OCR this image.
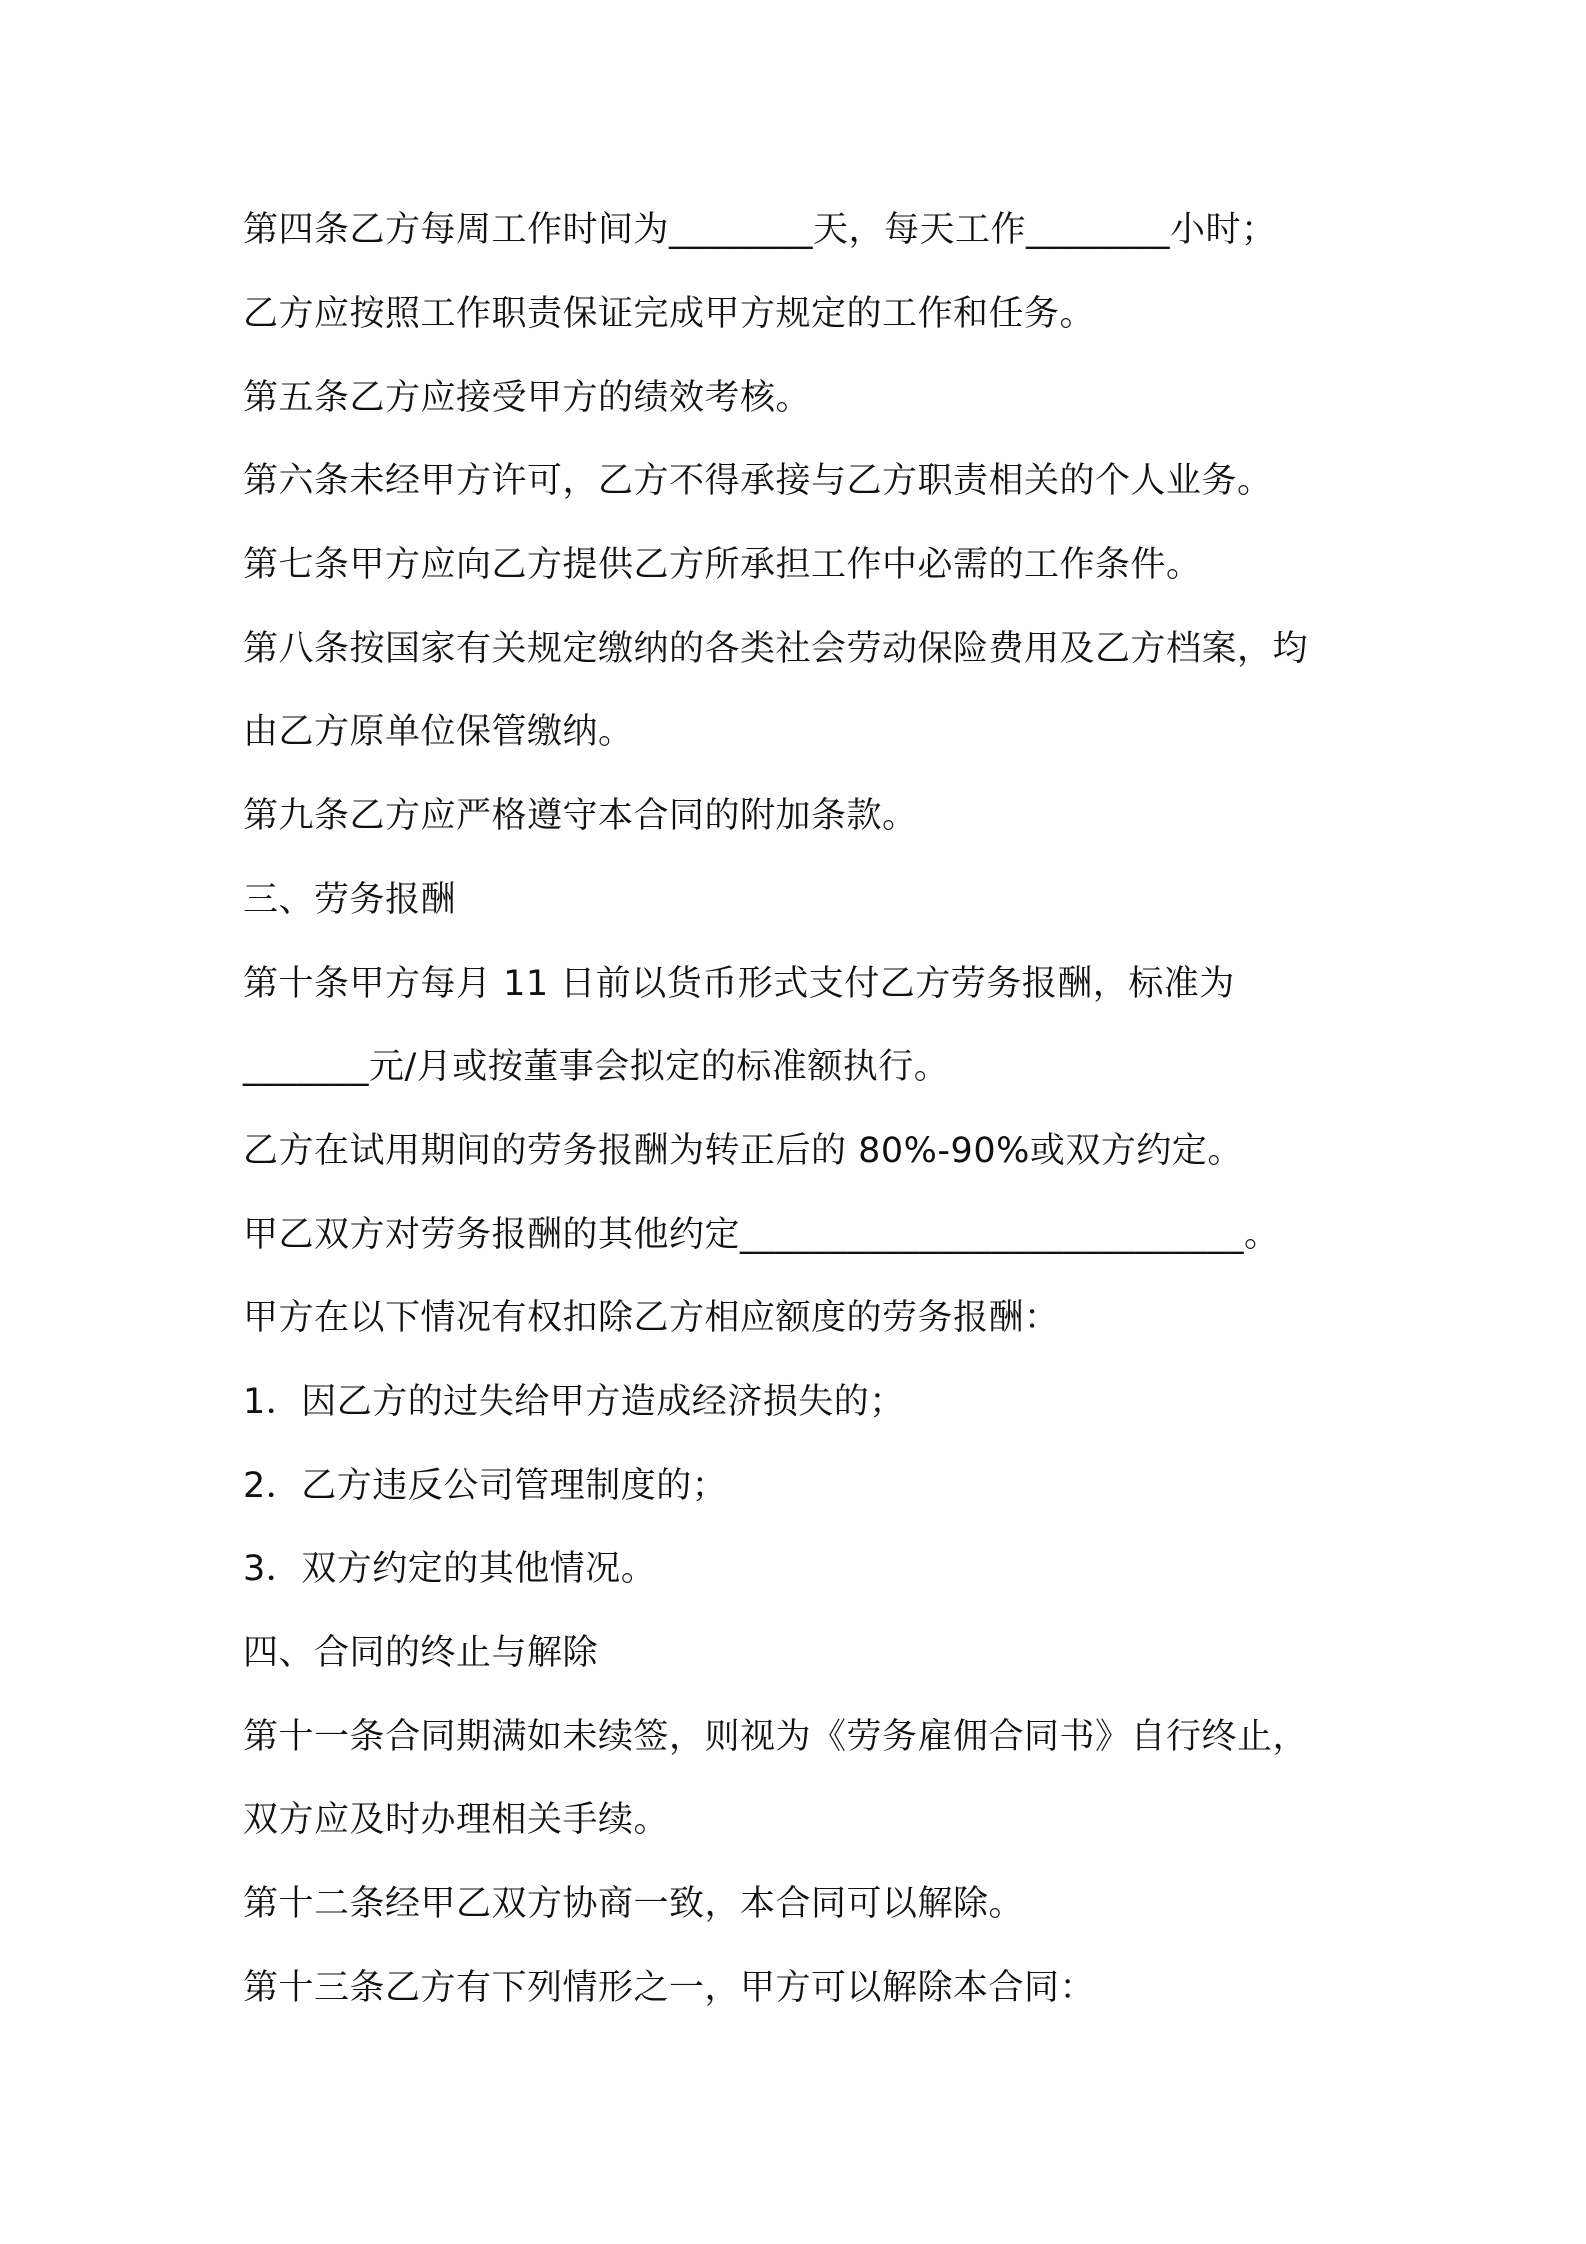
第四条乙方每周工作时间为________天，每天工作________小时；
乙方应按照工作职责保证完成甲方规定的工作和任务。
第五条乙方应接受甲方的绩效考核。
第六条未经甲方许可，乙方不得承接与乙方职责相关的个人业务。
第七条甲方应向乙方提供乙方所承担工作中必需的工作条件。
第八条按国家有关规定缴纳的各类社会劳动保险费用及乙方档案，均
由乙方原单位保管缴纳。
第九条乙方应严格遵守本合同的附加条款。
三、劳务报酬
第十条甲方每月 11 日前以货币形式支付乙方劳务报酬，标准为
_______元/月或按董事会拟定的标准额执行。
乙方在试用期间的劳务报酬为转正后的 80%-90%或双方约定。
甲乙双方对劳务报酬的其他约定____________________________。
甲方在以下情况有权扣除乙方相应额度的劳务报酬：
1．因乙方的过失给甲方造成经济损失的；
2．乙方违反公司管理制度的；
3．双方约定的其他情况。
四、合同的终止与解除
第十一条合同期满如未续签，则视为《劳务雇佣合同书》自行终止，
双方应及时办理相关手续。
第十二条经甲乙双方协商一致，本合同可以解除。
第十三条乙方有下列情形之一，甲方可以解除本合同：
